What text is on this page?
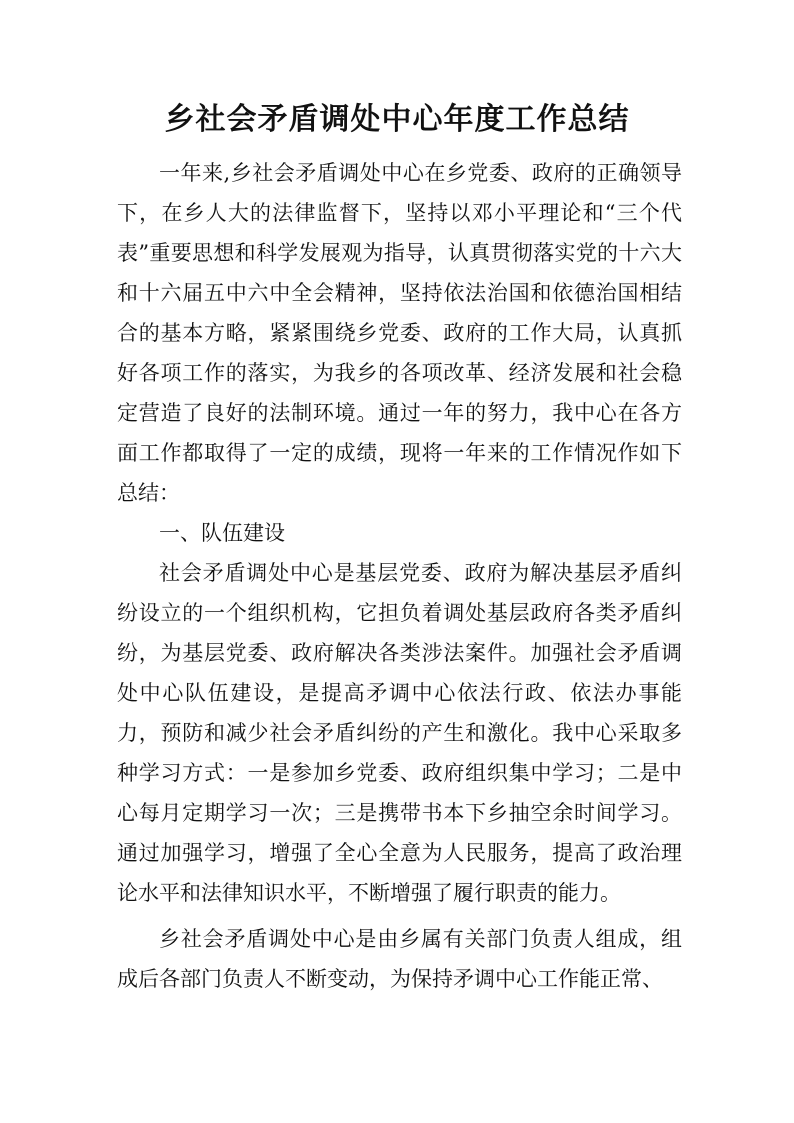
乡社会矛盾调处中心年度工作总结

一年来,乡社会矛盾调处中心在乡党委、政府的正确领导下，在乡人大的法律监督下，坚持以邓小平理论和“三个代表”重要思想和科学发展观为指导，认真贯彻落实党的十六大和十六届五中六中全会精神，坚持依法治国和依德治国相结合的基本方略，紧紧围绕乡党委、政府的工作大局，认真抓好各项工作的落实，为我乡的各项改革、经济发展和社会稳定营造了良好的法制环境。通过一年的努力，我中心在各方面工作都取得了一定的成绩，现将一年来的工作情况作如下总结：

一、队伍建设

社会矛盾调处中心是基层党委、政府为解决基层矛盾纠纷设立的一个组织机构，它担负着调处基层政府各类矛盾纠纷，为基层党委、政府解决各类涉法案件。加强社会矛盾调处中心队伍建设，是提高矛调中心依法行政、依法办事能力，预防和减少社会矛盾纠纷的产生和激化。我中心采取多种学习方式：一是参加乡党委、政府组织集中学习；二是中心每月定期学习一次；三是携带书本下乡抽空余时间学习。通过加强学习，增强了全心全意为人民服务，提高了政治理论水平和法律知识水平，不断增强了履行职责的能力。

乡社会矛盾调处中心是由乡属有关部门负责人组成，组成后各部门负责人不断变动，为保持矛调中心工作能正常、
